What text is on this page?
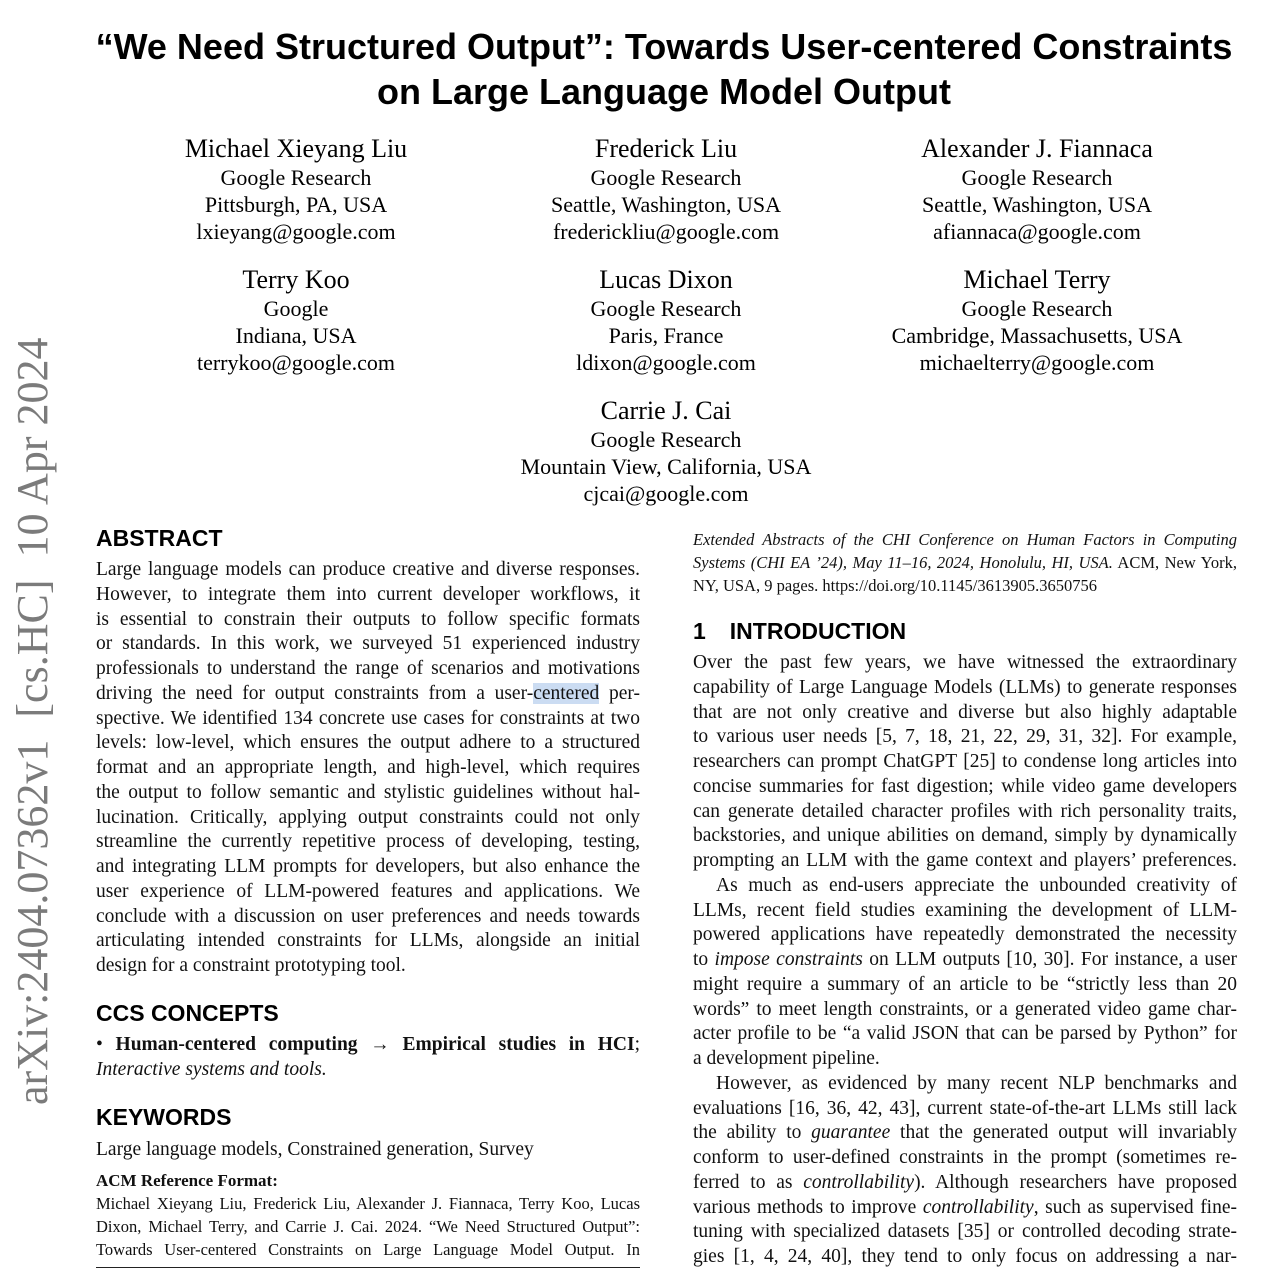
arXiv:2404.07362v1  [cs.HC]  10 Apr 2024
“We Need Structured Output”: Towards User-centered Constraints
on Large Language Model Output
Michael Xieyang Liu
Google Research
Pittsburgh, PA, USA
lxieyang@google.com
Frederick Liu
Google Research
Seattle, Washington, USA
frederickliu@google.com
Alexander J. Fiannaca
Google Research
Seattle, Washington, USA
afiannaca@google.com
Terry Koo
Google
Indiana, USA
terrykoo@google.com
Lucas Dixon
Google Research
Paris, France
ldixon@google.com
Michael Terry
Google Research
Cambridge, Massachusetts, USA
michaelterry@google.com
Carrie J. Cai
Google Research
Mountain View, California, USA
cjcai@google.com
ABSTRACT
Large language models can produce creative and diverse responses.
However, to integrate them into current developer workflows, it
is essential to constrain their outputs to follow specific formats
or standards. In this work, we surveyed 51 experienced industry
professionals to understand the range of scenarios and motivations
driving the need for output constraints from a user-centered per-
spective. We identified 134 concrete use cases for constraints at two
levels: low-level, which ensures the output adhere to a structured
format and an appropriate length, and high-level, which requires
the output to follow semantic and stylistic guidelines without hal-
lucination. Critically, applying output constraints could not only
streamline the currently repetitive process of developing, testing,
and integrating LLM prompts for developers, but also enhance the
user experience of LLM-powered features and applications. We
conclude with a discussion on user preferences and needs towards
articulating intended constraints for LLMs, alongside an initial
design for a constraint prototyping tool.
CCS CONCEPTS
• Human-centered computing → Empirical studies in HCI;
Interactive systems and tools.
KEYWORDS
Large language models, Constrained generation, Survey
ACM Reference Format:
Michael Xieyang Liu, Frederick Liu, Alexander J. Fiannaca, Terry Koo, Lucas
Dixon, Michael Terry, and Carrie J. Cai. 2024. “We Need Structured Output”:
Towards User-centered Constraints on Large Language Model Output. In
Extended Abstracts of the CHI Conference on Human Factors in Computing
Systems (CHI EA ’24), May 11–16, 2024, Honolulu, HI, USA. ACM, New York,
NY, USA, 9 pages. https://doi.org/10.1145/3613905.3650756
1 INTRODUCTION
Over the past few years, we have witnessed the extraordinary
capability of Large Language Models (LLMs) to generate responses
that are not only creative and diverse but also highly adaptable
to various user needs [5, 7, 18, 21, 22, 29, 31, 32]. For example,
researchers can prompt ChatGPT [25] to condense long articles into
concise summaries for fast digestion; while video game developers
can generate detailed character profiles with rich personality traits,
backstories, and unique abilities on demand, simply by dynamically
prompting an LLM with the game context and players’ preferences.
As much as end-users appreciate the unbounded creativity of
LLMs, recent field studies examining the development of LLM-
powered applications have repeatedly demonstrated the necessity
to impose constraints on LLM outputs [10, 30]. For instance, a user
might require a summary of an article to be “strictly less than 20
words” to meet length constraints, or a generated video game char-
acter profile to be “a valid JSON that can be parsed by Python” for
a development pipeline.
However, as evidenced by many recent NLP benchmarks and
evaluations [16, 36, 42, 43], current state-of-the-art LLMs still lack
the ability to guarantee that the generated output will invariably
conform to user-defined constraints in the prompt (sometimes re-
ferred to as controllability). Although researchers have proposed
various methods to improve controllability, such as supervised fine-
tuning with specialized datasets [35] or controlled decoding strate-
gies [1, 4, 24, 40], they tend to only focus on addressing a nar-
